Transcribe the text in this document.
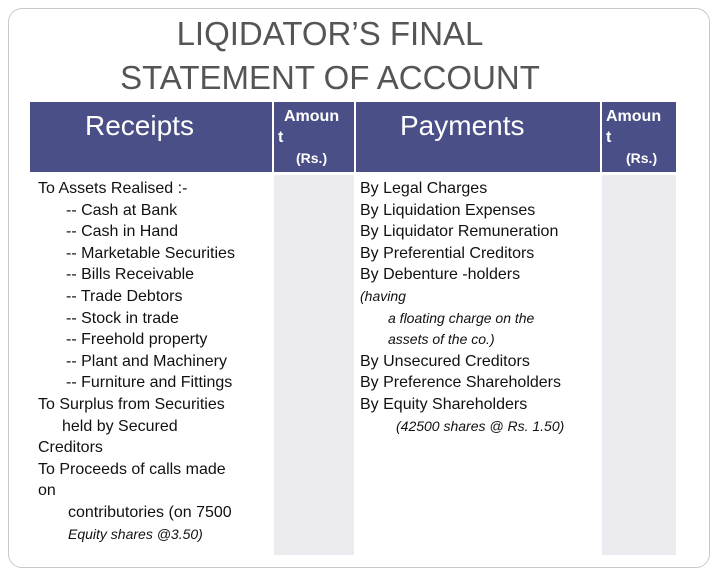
LIQIDATOR’S FINAL
STATEMENT OF ACCOUNT
Receipts	Amoun
t
(Rs.)
Payments	Amoun
t
(Rs.)
To Assets Realised :-
-- Cash at Bank
-- Cash in Hand
-- Marketable Securities
-- Bills Receivable
-- Trade Debtors
-- Stock in trade
-- Freehold property
-- Plant and Machinery
-- Furniture and Fittings
To Surplus from Securities
held by Secured
Creditors
To Proceeds of calls made
on
contributories (on 7500
Equity shares @3.50)
By Legal Charges
By Liquidation Expenses
By Liquidator Remuneration
By Preferential Creditors
By Debenture -holders
(having
a floating charge on the
assets of the co.)
By Unsecured Creditors
By Preference Shareholders
By Equity Shareholders
(42500 shares @ Rs. 1.50)
